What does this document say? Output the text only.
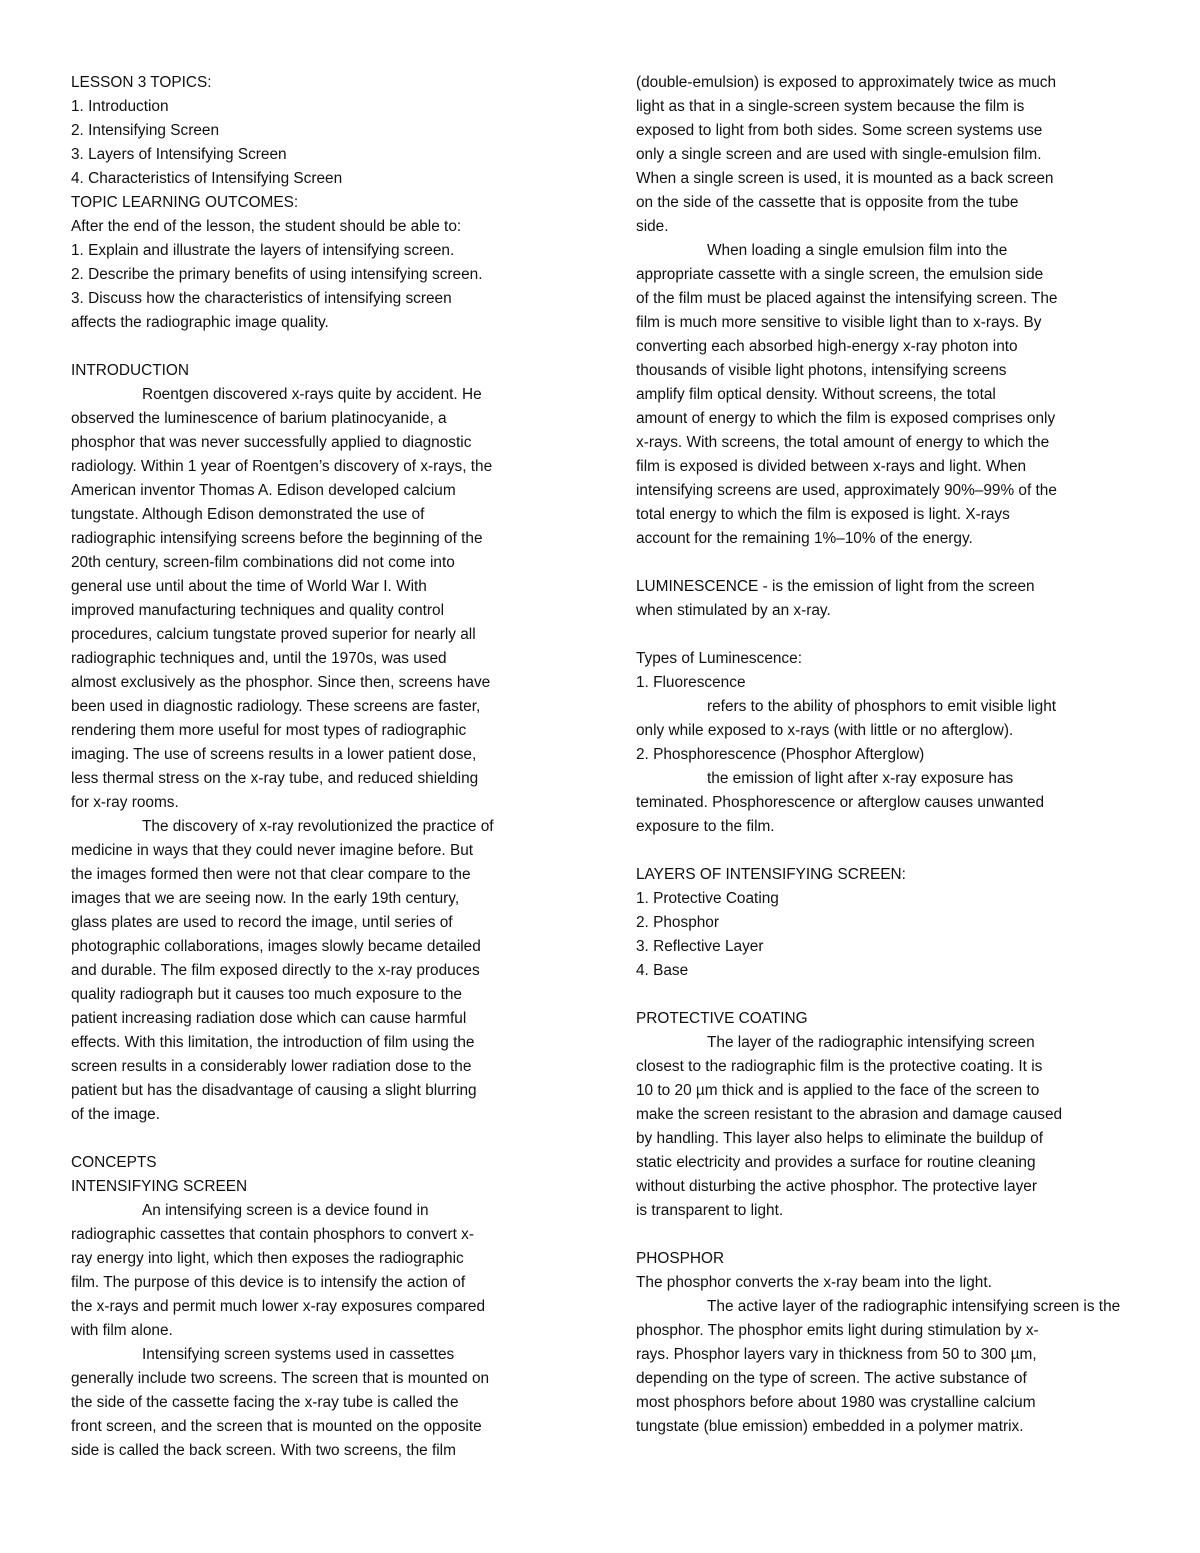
LESSON 3 TOPICS:
1. Introduction
2. Intensifying Screen
3. Layers of Intensifying Screen
4. Characteristics of Intensifying Screen
TOPIC LEARNING OUTCOMES:
After the end of the lesson, the student should be able to:
1. Explain and illustrate the layers of intensifying screen.
2. Describe the primary benefits of using intensifying screen.
3. Discuss how the characteristics of intensifying screen
affects the radiographic image quality.
INTRODUCTION
Roentgen discovered x-rays quite by accident. He
observed the luminescence of barium platinocyanide, a
phosphor that was never successfully applied to diagnostic
radiology. Within 1 year of Roentgen’s discovery of x-rays, the
American inventor Thomas A. Edison developed calcium
tungstate. Although Edison demonstrated the use of
radiographic intensifying screens before the beginning of the
20th century, screen-film combinations did not come into
general use until about the time of World War I. With
improved manufacturing techniques and quality control
procedures, calcium tungstate proved superior for nearly all
radiographic techniques and, until the 1970s, was used
almost exclusively as the phosphor. Since then, screens have
been used in diagnostic radiology. These screens are faster,
rendering them more useful for most types of radiographic
imaging. The use of screens results in a lower patient dose,
less thermal stress on the x-ray tube, and reduced shielding
for x-ray rooms.
The discovery of x-ray revolutionized the practice of
medicine in ways that they could never imagine before. But
the images formed then were not that clear compare to the
images that we are seeing now. In the early 19th century,
glass plates are used to record the image, until series of
photographic collaborations, images slowly became detailed
and durable. The film exposed directly to the x-ray produces
quality radiograph but it causes too much exposure to the
patient increasing radiation dose which can cause harmful
effects. With this limitation, the introduction of film using the
screen results in a considerably lower radiation dose to the
patient but has the disadvantage of causing a slight blurring
of the image.
CONCEPTS
INTENSIFYING SCREEN
An intensifying screen is a device found in
radiographic cassettes that contain phosphors to convert x-
ray energy into light, which then exposes the radiographic
film. The purpose of this device is to intensify the action of
the x-rays and permit much lower x-ray exposures compared
with film alone.
Intensifying screen systems used in cassettes
generally include two screens. The screen that is mounted on
the side of the cassette facing the x-ray tube is called the
front screen, and the screen that is mounted on the opposite
side is called the back screen. With two screens, the film
(double-emulsion) is exposed to approximately twice as much
light as that in a single-screen system because the film is
exposed to light from both sides. Some screen systems use
only a single screen and are used with single-emulsion film.
When a single screen is used, it is mounted as a back screen
on the side of the cassette that is opposite from the tube
side.
When loading a single emulsion film into the
appropriate cassette with a single screen, the emulsion side
of the film must be placed against the intensifying screen. The
film is much more sensitive to visible light than to x-rays. By
converting each absorbed high-energy x-ray photon into
thousands of visible light photons, intensifying screens
amplify film optical density. Without screens, the total
amount of energy to which the film is exposed comprises only
x-rays. With screens, the total amount of energy to which the
film is exposed is divided between x-rays and light. When
intensifying screens are used, approximately 90%–99% of the
total energy to which the film is exposed is light. X-rays
account for the remaining 1%–10% of the energy.
LUMINESCENCE - is the emission of light from the screen
when stimulated by an x-ray.
Types of Luminescence:
1. Fluorescence
refers to the ability of phosphors to emit visible light
only while exposed to x-rays (with little or no afterglow).
2. Phosphorescence (Phosphor Afterglow)
the emission of light after x-ray exposure has
teminated. Phosphorescence or afterglow causes unwanted
exposure to the film.
LAYERS OF INTENSIFYING SCREEN:
1. Protective Coating
2. Phosphor
3. Reflective Layer
4. Base
PROTECTIVE COATING
The layer of the radiographic intensifying screen
closest to the radiographic film is the protective coating. It is
10 to 20 µm thick and is applied to the face of the screen to
make the screen resistant to the abrasion and damage caused
by handling. This layer also helps to eliminate the buildup of
static electricity and provides a surface for routine cleaning
without disturbing the active phosphor. The protective layer
is transparent to light.
PHOSPHOR
The phosphor converts the x-ray beam into the light.
The active layer of the radiographic intensifying screen is the
phosphor. The phosphor emits light during stimulation by x-
rays. Phosphor layers vary in thickness from 50 to 300 µm,
depending on the type of screen. The active substance of
most phosphors before about 1980 was crystalline calcium
tungstate (blue emission) embedded in a polymer matrix.
